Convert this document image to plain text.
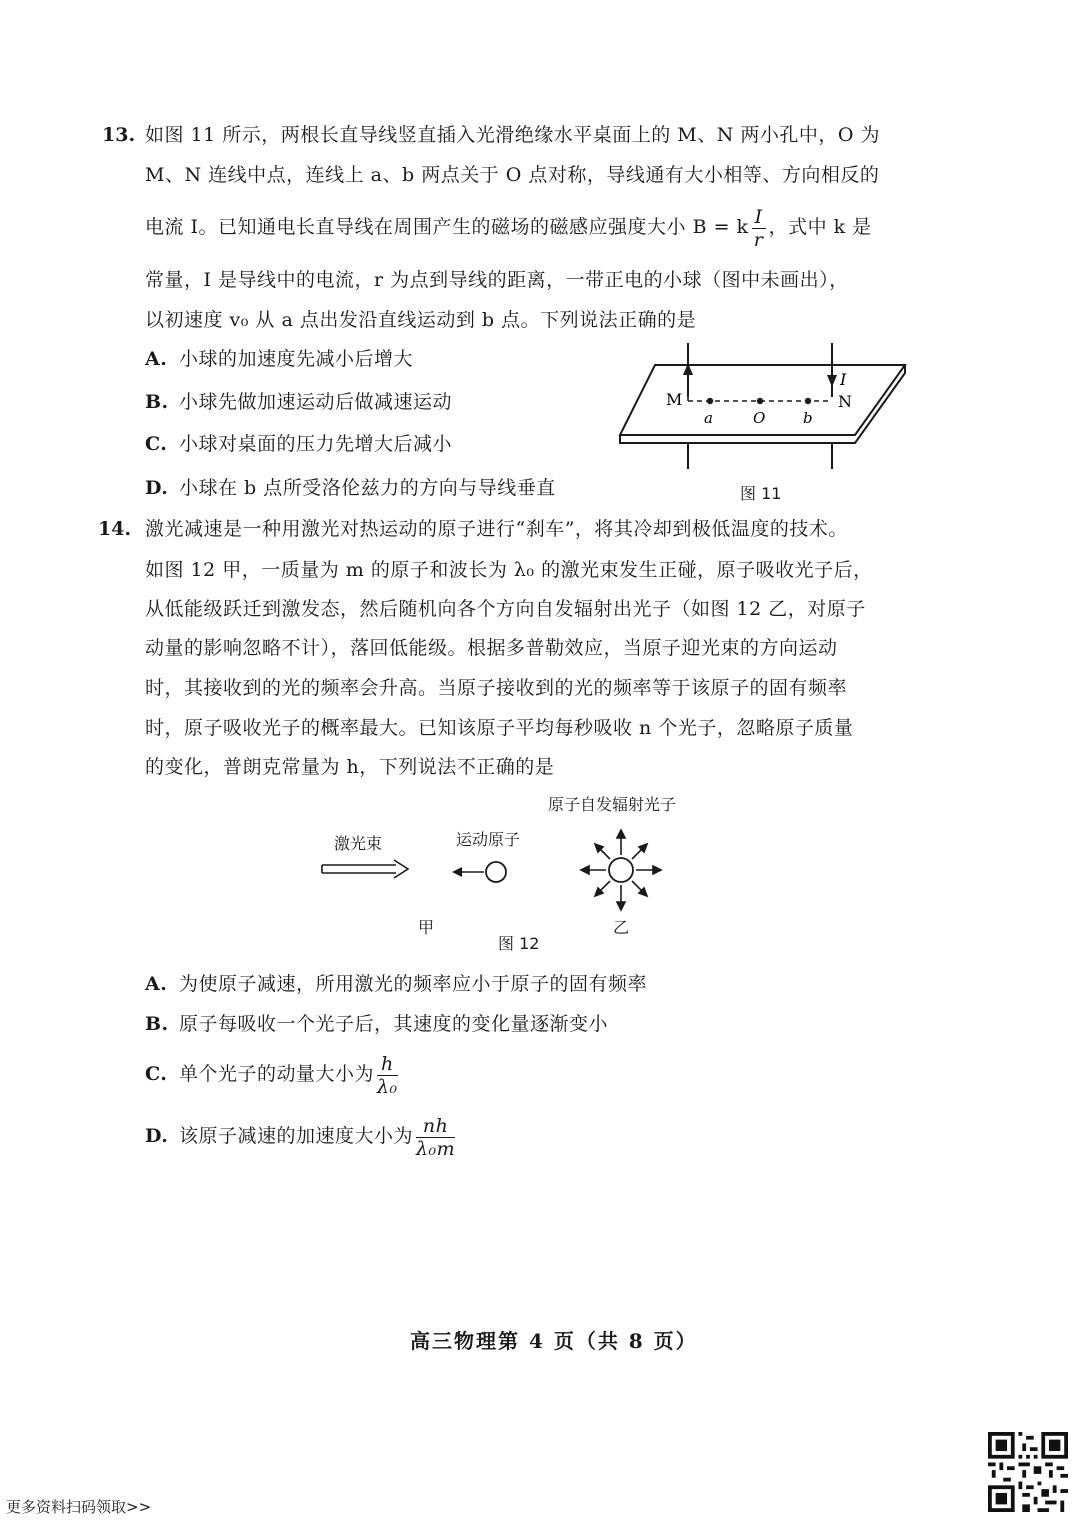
13. 如图 11 所示，两根长直导线竖直插入光滑绝缘水平桌面上的 M、N 两小孔中，O 为
M、N 连线中点，连线上 a、b 两点关于 O 点对称，导线通有大小相等、方向相反的
电流 I。已知通电长直导线在周围产生的磁场的磁感应强度大小 B = k $\frac{I}{r}$ ，式中 k 是
常量，I 是导线中的电流，r 为点到导线的距离，一带正电的小球（图中未画出），
以初速度 v₀ 从 a 点出发沿直线运动到 b 点。下列说法正确的是
A. 小球的加速度先减小后增大
B. 小球先做加速运动后做减速运动
C. 小球对桌面的压力先增大后减小
D. 小球在 b 点所受洛伦兹力的方向与导线垂直
M	N
I
a	O	b
图 11
14. 激光减速是一种用激光对热运动的原子进行“刹车”，将其冷却到极低温度的技术。
如图 12 甲，一质量为 m 的原子和波长为 λ₀ 的激光束发生正碰，原子吸收光子后，
从低能级跃迁到激发态，然后随机向各个方向自发辐射出光子（如图 12 乙，对原子
动量的影响忽略不计），落回低能级。根据多普勒效应，当原子迎光束的方向运动
时，其接收到的光的频率会升高。当原子接收到的光的频率等于该原子的固有频率
时，原子吸收光子的概率最大。已知该原子平均每秒吸收 n 个光子，忽略原子质量
的变化，普朗克常量为 h，下列说法不正确的是
激光束	运动原子
原子自发辐射光子
甲	乙
图 12
A. 为使原子减速，所用激光的频率应小于原子的固有频率
B. 原子每吸收一个光子后，其速度的变化量逐渐变小
C. 单个光子的动量大小为 $\frac{h}{\text{λ₀}}$
D. 该原子减速的加速度大小为 $\frac{nh}{\text{λ₀m}}$
高三物理第 4 页（共 8 页）
更多资料扫码领取>>
